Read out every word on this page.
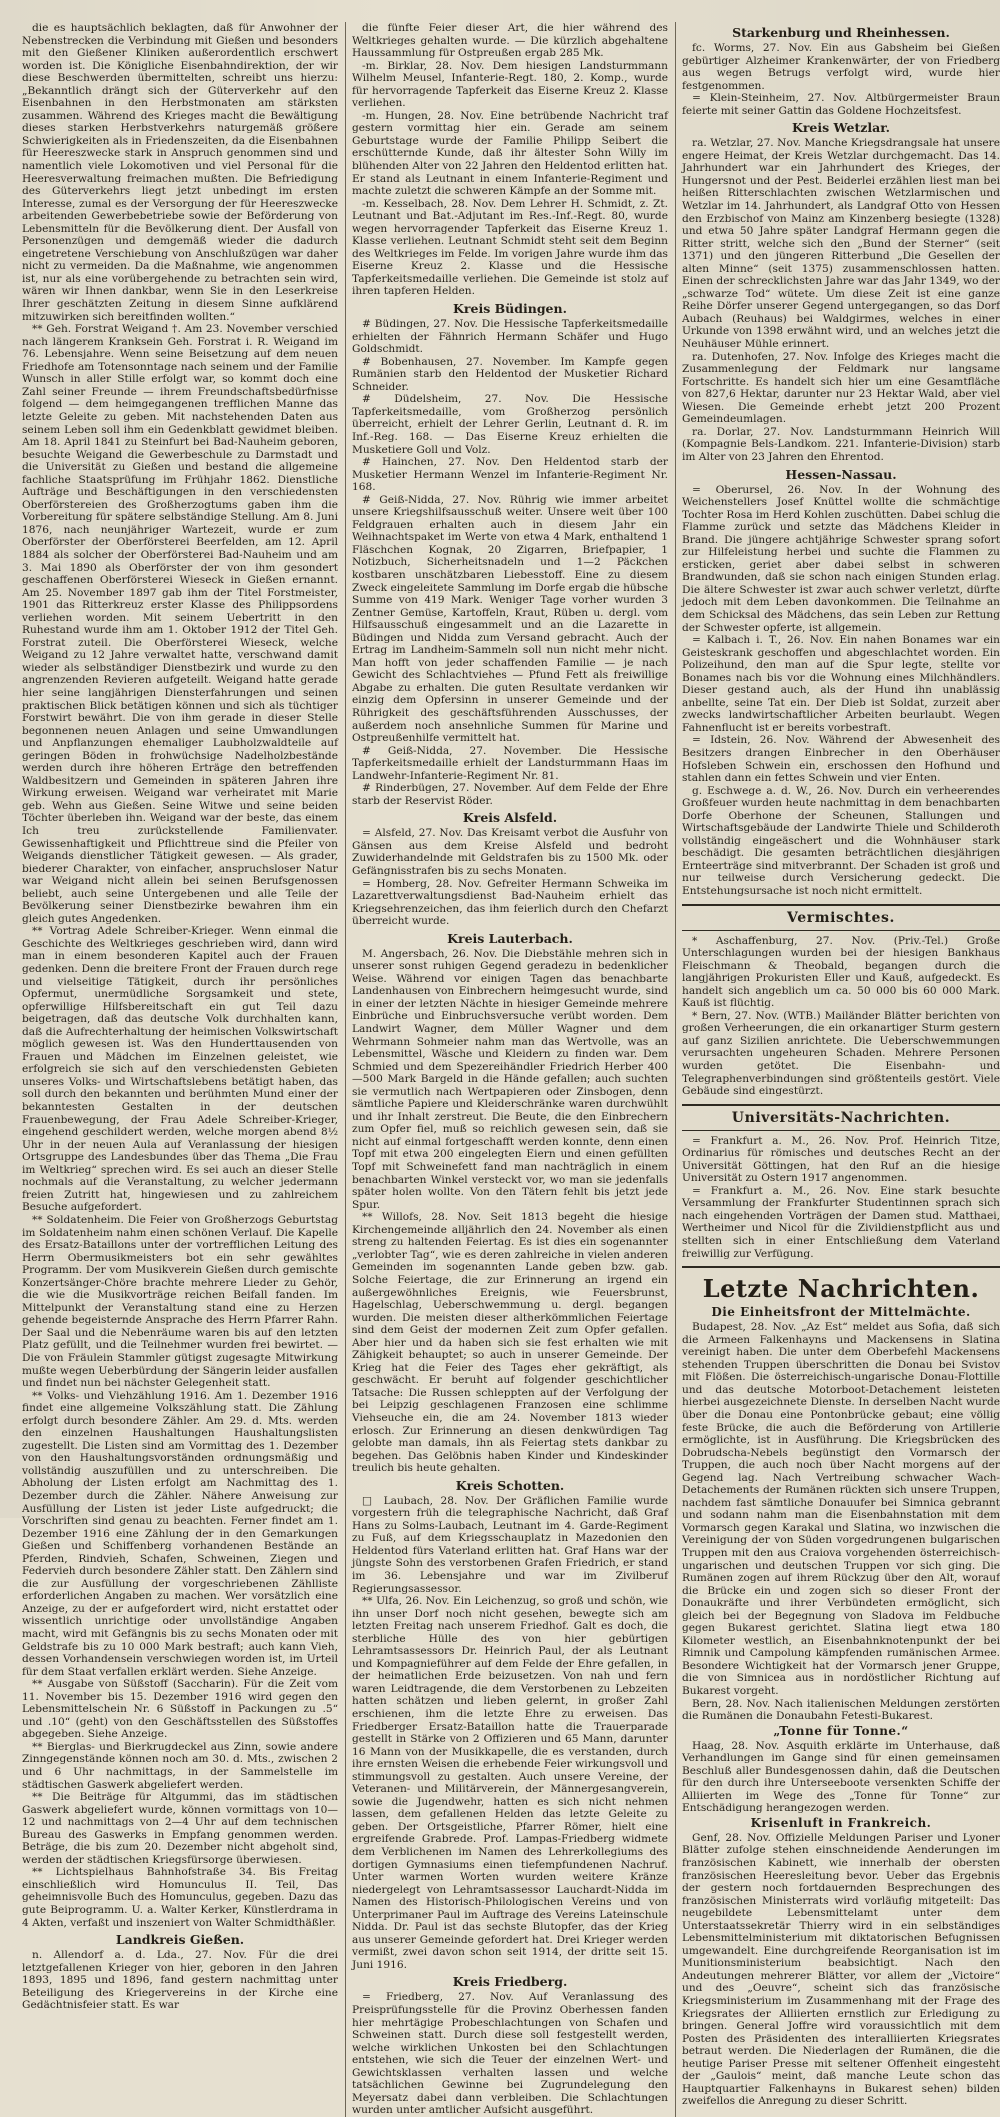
die es hauptsächlich beklagten, daß für Anwohner der Nebenstrecken die Verbindung mit Gießen und besonders mit den Gießener Kliniken außerordentlich erschwert worden ist. Die Königliche Eisenbahndirektion, der wir diese Beschwerden übermittelten, schreibt uns hierzu: „Bekanntlich drängt sich der Güterverkehr auf den Eisenbahnen in den Herbstmonaten am stärksten zusammen. Während des Krieges macht die Bewältigung dieses starken Herbstverkehrs naturgemäß größere Schwierigkeiten als in Friedenszeiten, da die Eisenbahnen für Heereszwecke stark in Anspruch genommen sind und namentlich viele Lokomotiven und viel Personal für die Heeresverwaltung freimachen mußten. Die Befriedigung des Güterverkehrs liegt jetzt unbedingt im ersten Interesse, zumal es der Versorgung der für Heereszwecke arbeitenden Gewerbebetriebe sowie der Beförderung von Lebensmitteln für die Bevölkerung dient. Der Ausfall von Personenzügen und demgemäß wieder die dadurch eingetretene Verschiebung von Anschlußzügen war daher nicht zu vermeiden. Da die Maßnahme, wie angenommen ist, nur als eine vorübergehende zu betrachten sein wird, wären wir Ihnen dankbar, wenn Sie in den Leserkreise Ihrer geschätzten Zeitung in diesem Sinne aufklärend mitzuwirken sich bereitfinden wollten.“

** Geh. Forstrat Weigand †. Am 23. November verschied nach längerem Kranksein Geh. Forstrat i. R. Weigand im 76. Lebensjahre. Wenn seine Beisetzung auf dem neuen Friedhofe am Totensonntage nach seinem und der Familie Wunsch in aller Stille erfolgt war, so kommt doch eine Zahl seiner Freunde — ihrem Freundschaftsbedürfnisse folgend — dem heimgegangenen trefflichen Manne das letzte Geleite zu geben. Mit nachstehenden Daten aus seinem Leben soll ihm ein Gedenkblatt gewidmet bleiben. Am 18. April 1841 zu Steinfurt bei Bad-Nauheim geboren, besuchte Weigand die Gewerbeschule zu Darmstadt und die Universität zu Gießen und bestand die allgemeine fachliche Staatsprüfung im Frühjahr 1862. Dienstliche Aufträge und Beschäftigungen in den verschiedensten Oberförstereien des Großherzogtums gaben ihm die Vorbereitung für spätere selbständige Stellung. Am 8. Juni 1876, nach neunjähriger Wartezeit, wurde er zum Oberförster der Oberförsterei Beerfelden, am 12. April 1884 als solcher der Oberförsterei Bad-Nauheim und am 3. Mai 1890 als Oberförster der von ihm gesondert geschaffenen Oberförsterei Wieseck in Gießen ernannt. Am 25. November 1897 gab ihm der Titel Forstmeister, 1901 das Ritterkreuz erster Klasse des Philippsordens verliehen worden. Mit seinem Uebertritt in den Ruhestand wurde ihm am 1. Oktober 1912 der Titel Geh. Forstrat zuteil. Die Oberförsterei Wieseck, welche Weigand zu 12 Jahre verwaltet hatte, verschwand damit wieder als selbständiger Dienstbezirk und wurde zu den angrenzenden Revieren aufgeteilt. Weigand hatte gerade hier seine langjährigen Diensterfahrungen und seinen praktischen Blick betätigen können und sich als tüchtiger Forstwirt bewährt. Die von ihm gerade in dieser Stelle begonnenen neuen Anlagen und seine Umwandlungen und Anpflanzungen ehemaliger Laubholzwaldteile auf geringen Böden in frohwüchsige Nadelholzbestände werden durch ihre höheren Erträge den betreffenden Waldbesitzern und Gemeinden in späteren Jahren ihre Wirkung erweisen. Weigand war verheiratet mit Marie geb. Wehn aus Gießen. Seine Witwe und seine beiden Töchter überleben ihn. Weigand war der beste, das einem Ich treu zurückstellende Familienvater. Gewissenhaftigkeit und Pflichttreue sind die Pfeiler von Weigands dienstlicher Tätigkeit gewesen. — Als grader, biederer Charakter, von einfacher, anspruchsloser Natur war Weigand nicht allein bei seinen Berufsgenossen beliebt, auch seine Untergebenen und alle Teile der Bevölkerung seiner Dienstbezirke bewahren ihm ein gleich gutes Angedenken.

** Vortrag Adele Schreiber-Krieger. Wenn einmal die Geschichte des Weltkrieges geschrieben wird, dann wird man in einem besonderen Kapitel auch der Frauen gedenken. Denn die breitere Front der Frauen durch rege und vielseitige Tätigkeit, durch ihr persönliches Opfermut, unermüdliche Sorgsamkeit und stete, opferwillige Hilfsbereitschaft ein gut Teil dazu beigetragen, daß das deutsche Volk durchhalten kann, daß die Aufrechterhaltung der heimischen Volkswirtschaft möglich gewesen ist. Was den Hunderttausenden von Frauen und Mädchen im Einzelnen geleistet, wie erfolgreich sie sich auf den verschiedensten Gebieten unseres Volks- und Wirtschaftslebens betätigt haben, das soll durch den bekannten und berühmten Mund einer der bekanntesten Gestalten in der deutschen Frauenbewegung, der Frau Adele Schreiber-Krieger, eingehend geschildert werden, welche morgen abend 8½ Uhr in der neuen Aula auf Veranlassung der hiesigen Ortsgruppe des Landesbundes über das Thema „Die Frau im Weltkrieg“ sprechen wird. Es sei auch an dieser Stelle nochmals auf die Veranstaltung, zu welcher jedermann freien Zutritt hat, hingewiesen und zu zahlreichem Besuche aufgefordert.

** Soldatenheim. Die Feier von Großherzogs Geburtstag im Soldatenheim nahm einen schönen Verlauf. Die Kapelle des Ersatz-Bataillons unter der vortrefflichen Leitung des Herrn Obermusikmeisters bot ein sehr gewähltes Programm. Der vom Musikverein Gießen durch gemischte Konzertsänger-Chöre brachte mehrere Lieder zu Gehör, die wie die Musikvorträge reichen Beifall fanden. Im Mittelpunkt der Veranstaltung stand eine zu Herzen gehende begeisternde Ansprache des Herrn Pfarrer Rahn. Der Saal und die Nebenräume waren bis auf den letzten Platz gefüllt, und die Teilnehmer wurden frei bewirtet. — Die von Fräulein Stammler gütigst zugesagte Mitwirkung mußte wegen Ueberbürdung der Sängerin leider ausfallen und findet nun bei nächster Gelegenheit statt.

** Volks- und Viehzählung 1916. Am 1. Dezember 1916 findet eine allgemeine Volkszählung statt. Die Zählung erfolgt durch besondere Zähler. Am 29. d. Mts. werden den einzelnen Haushaltungen Haushaltungslisten zugestellt. Die Listen sind am Vormittag des 1. Dezember von den Haushaltungsvorständen ordnungsmäßig und vollständig auszufüllen und zu unterschreiben. Die Abholung der Listen erfolgt am Nachmittag des 1. Dezember durch die Zähler. Nähere Anweisung zur Ausfüllung der Listen ist jeder Liste aufgedruckt; die Vorschriften sind genau zu beachten. Ferner findet am 1. Dezember 1916 eine Zählung der in den Gemarkungen Gießen und Schiffenberg vorhandenen Bestände an Pferden, Rindvieh, Schafen, Schweinen, Ziegen und Federvieh durch besondere Zähler statt. Den Zählern sind die zur Ausfüllung der vorgeschriebenen Zählliste erforderlichen Angaben zu machen. Wer vorsätzlich eine Anzeige, zu der er aufgefordert wird, nicht erstattet oder wissentlich unrichtige oder unvollständige Angaben macht, wird mit Gefängnis bis zu sechs Monaten oder mit Geldstrafe bis zu 10 000 Mark bestraft; auch kann Vieh, dessen Vorhandensein verschwiegen worden ist, im Urteil für dem Staat verfallen erklärt werden. Siehe Anzeige.

** Ausgabe von Süßstoff (Saccharin). Für die Zeit vom 11. November bis 15. Dezember 1916 wird gegen den Lebensmittelschein Nr. 6 Süßstoff in Packungen zu .5“ und .10“ (geht) von den Geschäftsstellen des Süßstoffes abgegeben. Siehe Anzeige.

** Bierglas- und Bierkrugdeckel aus Zinn, sowie andere Zinngegenstände können noch am 30. d. Mts., zwischen 2 und 6 Uhr nachmittags, in der Sammelstelle im städtischen Gaswerk abgeliefert werden.

** Die Beiträge für Altgummi, das im städtischen Gaswerk abgeliefert wurde, können vormittags von 10—12 und nachmittags von 2—4 Uhr auf dem technischen Bureau des Gaswerks in Empfang genommen werden. Beträge, die bis zum 20. Dezember nicht abgeholt sind, werden der städtischen Kriegsfürsorge überwiesen.

** Lichtspielhaus Bahnhofstraße 34. Bis Freitag einschließlich wird Homunculus II. Teil, Das geheimnisvolle Buch des Homunculus, gegeben. Dazu das gute Beiprogramm. U. a. Walter Kerker, Künstlerdrama in 4 Akten, verfaßt und inszeniert von Walter Schmidthäßler.

Landkreis Gießen.

n. Allendorf a. d. Lda., 27. Nov. Für die drei letztgefallenen Krieger von hier, geboren in den Jahren 1893, 1895 und 1896, fand gestern nachmittag unter Beteiligung des Kriegervereins in der Kirche eine Gedächtnisfeier statt. Es war

die fünfte Feier dieser Art, die hier während des Weltkrieges gehalten wurde. — Die kürzlich abgehaltene Haussammlung für Ostpreußen ergab 285 Mk.

-m. Birklar, 28. Nov. Dem hiesigen Landsturmmann Wilhelm Meusel, Infanterie-Regt. 180, 2. Komp., wurde für hervorragende Tapferkeit das Eiserne Kreuz 2. Klasse verliehen.

-m. Hungen, 28. Nov. Eine betrübende Nachricht traf gestern vormittag hier ein. Gerade am seinem Geburtstage wurde der Familie Philipp Seibert die erschütternde Kunde, daß ihr ältester Sohn Willy im blühenden Alter von 22 Jahren den Heldentod erlitten hat. Er stand als Leutnant in einem Infanterie-Regiment und machte zuletzt die schweren Kämpfe an der Somme mit.

-m. Kesselbach, 28. Nov. Dem Lehrer H. Schmidt, z. Zt. Leutnant und Bat.-Adjutant im Res.-Inf.-Regt. 80, wurde wegen hervorragender Tapferkeit das Eiserne Kreuz 1. Klasse verliehen. Leutnant Schmidt steht seit dem Beginn des Weltkrieges im Felde. Im vorigen Jahre wurde ihm das Eiserne Kreuz 2. Klasse und die Hessische Tapferkeitsmedaille verliehen. Die Gemeinde ist stolz auf ihren tapferen Helden.

Kreis Büdingen.

# Büdingen, 27. Nov. Die Hessische Tapferkeitsmedaille erhielten der Fähnrich Hermann Schäfer und Hugo Goldschmidt.

# Bobenhausen, 27. November. Im Kampfe gegen Rumänien starb den Heldentod der Musketier Richard Schneider.

# Düdelsheim, 27. Nov. Die Hessische Tapferkeitsmedaille, vom Großherzog persönlich überreicht, erhielt der Lehrer Gerlin, Leutnant d. R. im Inf.-Reg. 168. — Das Eiserne Kreuz erhielten die Musketiere Goll und Volz.

# Hainchen, 27. Nov. Den Heldentod starb der Musketier Hermann Wenzel im Infanterie-Regiment Nr. 168.

# Geiß-Nidda, 27. Nov. Rührig wie immer arbeitet unsere Kriegshilfsausschuß weiter. Unsere weit über 100 Feldgrauen erhalten auch in diesem Jahr ein Weihnachtspaket im Werte von etwa 4 Mark, enthaltend 1 Fläschchen Kognak, 20 Zigarren, Briefpapier, 1 Notizbuch, Sicherheitsnadeln und 1—2 Päckchen kostbaren unschätzbaren Liebesstoff. Eine zu diesem Zweck eingeleitete Sammlung im Dorfe ergab die hübsche Summe von 419 Mark. Weniger Tage vorher wurden 3 Zentner Gemüse, Kartoffeln, Kraut, Rüben u. dergl. vom Hilfsausschuß eingesammelt und an die Lazarette in Büdingen und Nidda zum Versand gebracht. Auch der Ertrag im Landheim-Sammeln soll nun nicht mehr nicht. Man hofft von jeder schaffenden Familie — je nach Gewicht des Schlachtviehes — Pfund Fett als freiwillige Abgabe zu erhalten. Die guten Resultate verdanken wir einzig dem Opfersinn in unserer Gemeinde und der Rührigkeit des geschäftsführenden Ausschusses, der außerdem noch ansehnliche Summen für Marine und Ostpreußenhilfe vermittelt hat.

# Geiß-Nidda, 27. November. Die Hessische Tapferkeitsmedaille erhielt der Landsturmmann Haas im Landwehr-Infanterie-Regiment Nr. 81.

# Rinderbügen, 27. November. Auf dem Felde der Ehre starb der Reservist Röder.

Kreis Alsfeld.

= Alsfeld, 27. Nov. Das Kreisamt verbot die Ausfuhr von Gänsen aus dem Kreise Alsfeld und bedroht Zuwiderhandelnde mit Geldstrafen bis zu 1500 Mk. oder Gefängnisstrafen bis zu sechs Monaten.

= Homberg, 28. Nov. Gefreiter Hermann Schweika im Lazarettverwaltungsdienst Bad-Nauheim erhielt das Kriegsehrenzeichen, das ihm feierlich durch den Chefarzt überreicht wurde.

Kreis Lauterbach.

M. Angersbach, 26. Nov. Die Diebstähle mehren sich in unserer sonst ruhigen Gegend geradezu in bedenklicher Weise. Während vor einigen Tagen das benachbarte Landenhausen von Einbrechern heimgesucht wurde, sind in einer der letzten Nächte in hiesiger Gemeinde mehrere Einbrüche und Einbruchsversuche verübt worden. Dem Landwirt Wagner, dem Müller Wagner und dem Wehrmann Sohmeier nahm man das Wertvolle, was an Lebensmittel, Wäsche und Kleidern zu finden war. Dem Schmied und dem Spezereihändler Friedrich Herber 400—500 Mark Bargeld in die Hände gefallen; auch suchten sie vermutlich nach Wertpapieren oder Zinsbogen, denn sämtliche Papiere und Kleiderschränke waren durchwühlt und ihr Inhalt zerstreut. Die Beute, die den Einbrechern zum Opfer fiel, muß so reichlich gewesen sein, daß sie nicht auf einmal fortgeschafft werden konnte, denn einen Topf mit etwa 200 eingelegten Eiern und einen gefüllten Topf mit Schweinefett fand man nachträglich in einem benachbarten Winkel versteckt vor, wo man sie jedenfalls später holen wollte. Von den Tätern fehlt bis jetzt jede Spur.

** Willofs, 28. Nov. Seit 1813 begeht die hiesige Kirchengemeinde alljährlich den 24. November als einen streng zu haltenden Feiertag. Es ist dies ein sogenannter „verlobter Tag“, wie es deren zahlreiche in vielen anderen Gemeinden im sogenannten Lande geben bzw. gab. Solche Feiertage, die zur Erinnerung an irgend ein außergewöhnliches Ereignis, wie Feuersbrunst, Hagelschlag, Ueberschwemmung u. dergl. begangen wurden. Die meisten dieser altherkömmlichen Feiertage sind dem Geist der modernen Zeit zum Opfer gefallen. Aber hier und da haben sich sie fest erhalten wie mit Zähigkeit behauptet; so auch in unserer Gemeinde. Der Krieg hat die Feier des Tages eher gekräftigt, als geschwächt. Er beruht auf folgender geschichtlicher Tatsache: Die Russen schleppten auf der Verfolgung der bei Leipzig geschlagenen Franzosen eine schlimme Viehseuche ein, die am 24. November 1813 wieder erlosch. Zur Erinnerung an diesen denkwürdigen Tag gelobte man damals, ihn als Feiertag stets dankbar zu begehen. Das Gelöbnis haben Kinder und Kindeskinder treulich bis heute gehalten.

Kreis Schotten.

□ Laubach, 28. Nov. Der Gräflichen Familie wurde vorgestern früh die telegraphische Nachricht, daß Graf Hans zu Solms-Laubach, Leutnant im 4. Garde-Regiment zu Fuß, auf dem Kriegsschauplatz in Mazedonien den Heldentod fürs Vaterland erlitten hat. Graf Hans war der jüngste Sohn des verstorbenen Grafen Friedrich, er stand im 36. Lebensjahre und war im Zivilberuf Regierungsassessor.

** Ulfa, 26. Nov. Ein Leichenzug, so groß und schön, wie ihn unser Dorf noch nicht gesehen, bewegte sich am letzten Freitag nach unserem Friedhof. Galt es doch, die sterbliche Hülle des von hier gebürtigen Lehramtsassessors Dr. Heinrich Paul, der als Leutnant und Kompagnieführer auf dem Felde der Ehre gefallen, in der heimatlichen Erde beizusetzen. Von nah und fern waren Leidtragende, die dem Verstorbenen zu Lebzeiten hatten schätzen und lieben gelernt, in großer Zahl erschienen, ihm die letzte Ehre zu erweisen. Das Friedberger Ersatz-Bataillon hatte die Trauerparade gestellt in Stärke von 2 Offizieren und 65 Mann, darunter 16 Mann von der Musikkapelle, die es verstanden, durch ihre ernsten Weisen die erhebende Feier wirkungsvoll und stimmungsvoll zu gestalten. Auch unsere Vereine, der Veteranen- und Militärverein, der Männergesangverein, sowie die Jugendwehr, hatten es sich nicht nehmen lassen, dem gefallenen Helden das letzte Geleite zu geben. Der Ortsgeistliche, Pfarrer Römer, hielt eine ergreifende Grabrede. Prof. Lampas-Friedberg widmete dem Verblichenen im Namen des Lehrerkollegiums des dortigen Gymnasiums einen tiefempfundenen Nachruf. Unter warmen Worten wurden weitere Kränze niedergelegt von Lehramtsassessor Lauchardt-Nidda im Namen des Historisch-Philologischen Vereins und von Unterprimaner Paul im Auftrage des Vereins Lateinschule Nidda. Dr. Paul ist das sechste Blutopfer, das der Krieg aus unserer Gemeinde gefordert hat. Drei Krieger werden vermißt, zwei davon schon seit 1914, der dritte seit 15. Juni 1916.

Kreis Friedberg.

= Friedberg, 27. Nov. Auf Veranlassung des Preisprüfungsstelle für die Provinz Oberhessen fanden hier mehrtägige Probeschlachtungen von Schafen und Schweinen statt. Durch diese soll festgestellt werden, welche wirklichen Unkosten bei den Schlachtungen entstehen, wie sich die Teuer der einzelnen Wert- und Gewichtsklassen verhalten lassen und welche tatsächlichen Gewinne bei Zugrundelegung den Meyersatz dabei dann verbleiben. Die Schlachtungen wurden unter amtlicher Aufsicht ausgeführt.

Starkenburg und Rheinhessen.

fc. Worms, 27. Nov. Ein aus Gabsheim bei Gießen gebürtiger Alzheimer Krankenwärter, der von Friedberg aus wegen Betrugs verfolgt wird, wurde hier festgenommen.

= Klein-Steinheim, 27. Nov. Altbürgermeister Braun feierte mit seiner Gattin das Goldene Hochzeitsfest.

Kreis Wetzlar.

ra. Wetzlar, 27. Nov. Manche Kriegsdrangsale hat unsere engere Heimat, der Kreis Wetzlar durchgemacht. Das 14. Jahrhundert war ein Jahrhundert des Krieges, der Hungersnot und der Pest. Beiderlei erzählen liest man bei heißen Ritterschlachten zwischen Wetzlarmischen und Wetzlar im 14. Jahrhundert, als Landgraf Otto von Hessen den Erzbischof von Mainz am Kinzenberg besiegte (1328) und etwa 50 Jahre später Landgraf Hermann gegen die Ritter stritt, welche sich den „Bund der Sterner“ (seit 1371) und den jüngeren Ritterbund „Die Gesellen der alten Minne“ (seit 1375) zusammenschlossen hatten. Einen der schrecklichsten Jahre war das Jahr 1349, wo der „schwarze Tod“ wütete. Um diese Zeit ist eine ganze Reihe Dörfer unserer Gegend untergegangen, so das Dorf Aubach (Reuhaus) bei Waldgirmes, welches in einer Urkunde von 1398 erwähnt wird, und an welches jetzt die Neuhäuser Mühle erinnert.

ra. Dutenhofen, 27. Nov. Infolge des Krieges macht die Zusammenlegung der Feldmark nur langsame Fortschritte. Es handelt sich hier um eine Gesamtfläche von 827,6 Hektar, darunter nur 23 Hektar Wald, aber viel Wiesen. Die Gemeinde erhebt jetzt 200 Prozent Gemeindeumlagen.

ra. Dorlar, 27. Nov. Landsturmmann Heinrich Will (Kompagnie Bels-Landkom. 221. Infanterie-Division) starb im Alter von 23 Jahren den Ehrentod.

Hessen-Nassau.

= Oberursel, 26. Nov. In der Wohnung des Weichenstellers Josef Knüttel wollte die schmächtige Tochter Rosa im Herd Kohlen zuschütten. Dabei schlug die Flamme zurück und setzte das Mädchens Kleider in Brand. Die jüngere achtjährige Schwester sprang sofort zur Hilfeleistung herbei und suchte die Flammen zu ersticken, geriet aber dabei selbst in schweren Brandwunden, daß sie schon nach einigen Stunden erlag. Die ältere Schwester ist zwar auch schwer verletzt, dürfte jedoch mit dem Leben davonkommen. Die Teilnahme an dem Schicksal des Mädchens, das sein Leben zur Rettung der Schwester opferte, ist allgemein.

= Kalbach i. T., 26. Nov. Ein nahen Bonames war ein Geisteskrank geschoffen und abgeschlachtet worden. Ein Polizeihund, den man auf die Spur legte, stellte vor Bonames nach bis vor die Wohnung eines Milchhändlers. Dieser gestand auch, als der Hund ihn unablässig anbellte, seine Tat ein. Der Dieb ist Soldat, zurzeit aber zwecks landwirtschaftlicher Arbeiten beurlaubt. Wegen Fahnenflucht ist er bereits vorbestraft.

= Idstein, 26. Nov. Während der Abwesenheit des Besitzers drangen Einbrecher in den Oberhäuser Hofsleben Schwein ein, erschossen den Hofhund und stahlen dann ein fettes Schwein und vier Enten.

g. Eschwege a. d. W., 26. Nov. Durch ein verheerendes Großfeuer wurden heute nachmittag in dem benachbarten Dorfe Oberhone der Scheunen, Stallungen und Wirtschaftsgebäude der Landwirte Thiele und Schilderoth vollständig eingeäschert und die Wohnhäuser stark beschädigt. Die gesamten beträchtlichen diesjährigen Ernteerträge sind mitverbrannt. Der Schaden ist groß und nur teilweise durch Versicherung gedeckt. Die Entstehungsursache ist noch nicht ermittelt.

Vermischtes.

* Aschaffenburg, 27. Nov. (Priv.-Tel.) Große Unterschlagungen wurden bei der hiesigen Bankhaus Fleischmann & Theobald, begangen durch die langjährigen Prokuristen Eller und Kauß, aufgedeckt. Es handelt sich angeblich um ca. 50 000 bis 60 000 Mark. Kauß ist flüchtig.

* Bern, 27. Nov. (WTB.) Mailänder Blätter berichten von großen Verheerungen, die ein orkanartiger Sturm gestern auf ganz Sizilien anrichtete. Die Ueberschwemmungen verursachten ungeheuren Schaden. Mehrere Personen wurden getötet. Die Eisenbahn- und Telegraphenverbindungen sind größtenteils gestört. Viele Gebäude sind eingestürzt.

Universitäts-Nachrichten.

= Frankfurt a. M., 26. Nov. Prof. Heinrich Titze, Ordinarius für römisches und deutsches Recht an der Universität Göttingen, hat den Ruf an die hiesige Universität zu Ostern 1917 angenommen.

= Frankfurt a. M., 26. Nov. Eine stark besuchte Versammlung der Frankfurter Studentinnen sprach sich nach eingehenden Vorträgen der Damen stud. Matthaei, Wertheimer und Nicol für die Zivildienstpflicht aus und stellten sich in einer Entschließung dem Vaterland freiwillig zur Verfügung.

Letzte Nachrichten.
Die Einheitsfront der Mittelmächte.

Budapest, 28. Nov. „Az Est“ meldet aus Sofia, daß sich die Armeen Falkenhayns und Mackensens in Slatina vereinigt haben. Die unter dem Oberbefehl Mackensens stehenden Truppen überschritten die Donau bei Svistov mit Flößen. Die österreichisch-ungarische Donau-Flottille und das deutsche Motorboot-Detachement leisteten hierbei ausgezeichnete Dienste. In derselben Nacht wurde über die Donau eine Pontonbrücke gebaut; eine völlig feste Brücke, die auch die Beförderung von Artillerie ermöglichte, ist in Ausführung. Die Kriegsbrücken des Dobrudscha-Nebels begünstigt den Vormarsch der Truppen, die auch noch über Nacht morgens auf der Gegend lag. Nach Vertreibung schwacher Wach-Detachements der Rumänen rückten sich unsere Truppen, nachdem fast sämtliche Donauufer bei Simnica gebrannt und sodann nahm man die Eisenbahnstation mit dem Vormarsch gegen Karakal und Slatina, wo inzwischen die Vereinigung der von Süden vorgedrungenen bulgarischen Truppen mit den aus Craiova vorgehenden österreichisch-ungarischen und deutschen Truppen vor sich ging. Die Rumänen zogen auf ihrem Rückzug über den Alt, worauf die Brücke ein und zogen sich so dieser Front der Donaukräfte und ihrer Verbündeten ermöglicht, sich gleich bei der Begegnung von Sladova im Feldbuche gegen Bukarest gerichtet. Slatina liegt etwa 180 Kilometer westlich, an Eisenbahnknotenpunkt der bei Rimnik und Campolung kämpfenden rumänischen Armee. Besondere Wichtigkeit hat der Vormarsch jener Gruppe, die von Simnicea aus in nordöstlicher Richtung auf Bukarest vorgeht.

Bern, 28. Nov. Nach italienischen Meldungen zerstörten die Rumänen die Donaubahn Fetesti-Bukarest.

„Tonne für Tonne.“

Haag, 28. Nov. Asquith erklärte im Unterhause, daß Verhandlungen im Gange sind für einen gemeinsamen Beschluß aller Bundesgenossen dahin, daß die Deutschen für den durch ihre Unterseeboote versenkten Schiffe der Alliierten im Wege des „Tonne für Tonne“ zur Entschädigung herangezogen werden.

Krisenluft in Frankreich.

Genf, 28. Nov. Offizielle Meldungen Pariser und Lyoner Blätter zufolge stehen einschneidende Aenderungen im französischen Kabinett, wie innerhalb der obersten französischen Heeresleitung bevor. Ueber das Ergebnis der gestern noch fortdauernden Besprechungen des französischen Ministerrats wird vorläufig mitgeteilt: Das neugebildete Lebensmittelamt unter dem Unterstaatssekretär Thierry wird in ein selbständiges Lebensmittelministerium mit diktatorischen Befugnissen umgewandelt. Eine durchgreifende Reorganisation ist im Munitionsministerium beabsichtigt. Nach den Andeutungen mehrerer Blätter, vor allem der „Victoire“ und des „Oeuvre“, scheint sich das französische Kriegsministerium im Zusammenhang mit der Frage des Kriegsrates der Alliierten ernstlich zur Erledigung zu bringen. General Joffre wird voraussichtlich mit dem Posten des Präsidenten des interalliierten Kriegsrates betraut werden. Die Niederlagen der Rumänen, die die heutige Pariser Presse mit seltener Offenheit eingesteht der „Gaulois“ meint, daß manche Leute schon das Hauptquartier Falkenhayns in Bukarest sehen) bilden zweifellos die Anregung zu dieser Schritt.
